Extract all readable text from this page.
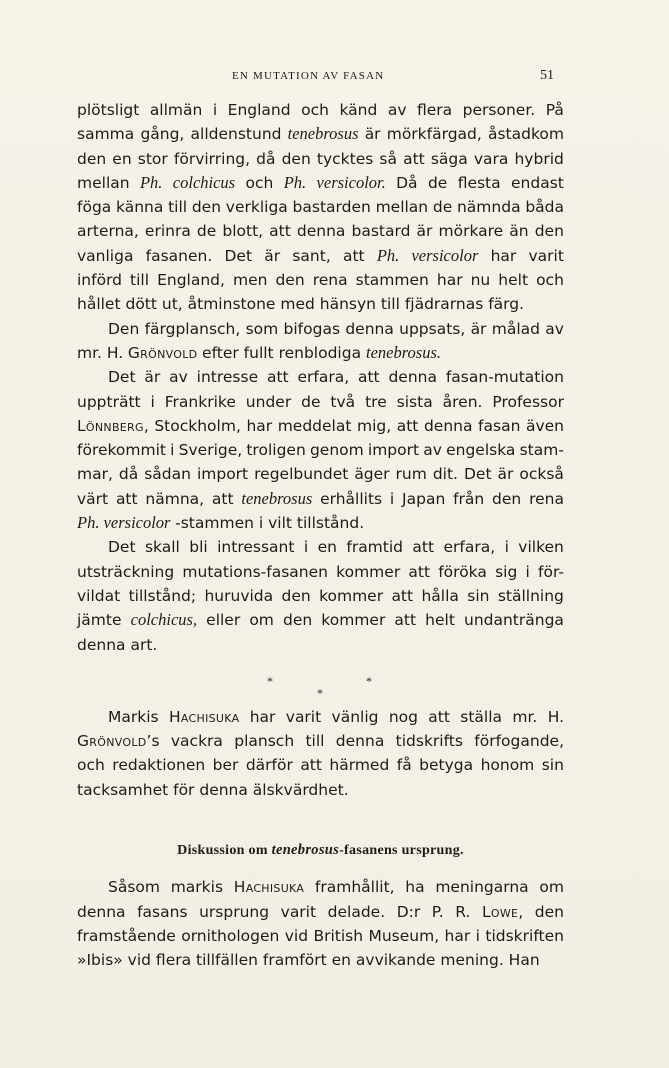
EN MUTATION AV FASAN	51
plötsligt allmän i England och känd av flera personer. På
samma gång, alldenstund tenebrosus är mörkfärgad, åstadkom
den en stor förvirring, då den tycktes så att säga vara hybrid
mellan Ph. colchicus och Ph. versicolor. Då de flesta endast
föga känna till den verkliga bastarden mellan de nämnda båda
arterna, erinra de blott, att denna bastard är mörkare än den
vanliga fasanen. Det är sant, att Ph. versicolor har varit
införd till England, men den rena stammen har nu helt och
hållet dött ut, åtminstone med hänsyn till fjädrarnas färg.
Den färgplansch, som bifogas denna uppsats, är målad av
mr. H. Grönvold efter fullt renblodiga tenebrosus.
Det är av intresse att erfara, att denna fasan-mutation
uppträtt i Frankrike under de två tre sista åren. Professor
Lönnberg, Stockholm, har meddelat mig, att denna fasan även
förekommit i Sverige, troligen genom import av engelska stam-
mar, då sådan import regelbundet äger rum dit. Det är också
värt att nämna, att tenebrosus erhållits i Japan från den rena
Ph. versicolor -stammen i vilt tillstånd.
Det skall bli intressant i en framtid att erfara, i vilken
utsträckning mutations-fasanen kommer att föröka sig i för-
vildat tillstånd; huruvida den kommer att hålla sin ställning
jämte colchicus, eller om den kommer att helt undantränga
denna art.
*	*
*
Markis Hachisuka har varit vänlig nog att ställa mr. H.
Grönvold’s vackra plansch till denna tidskrifts förfogande,
och redaktionen ber därför att härmed få betyga honom sin
tacksamhet för denna älskvärdhet.
Diskussion om tenebrosus-fasanens ursprung.
Såsom markis Hachisuka framhållit, ha meningarna om
denna fasans ursprung varit delade. D:r P. R. Lowe, den
framstående ornithologen vid British Museum, har i tidskriften
»Ibis» vid flera tillfällen framfört en avvikande mening. Han
